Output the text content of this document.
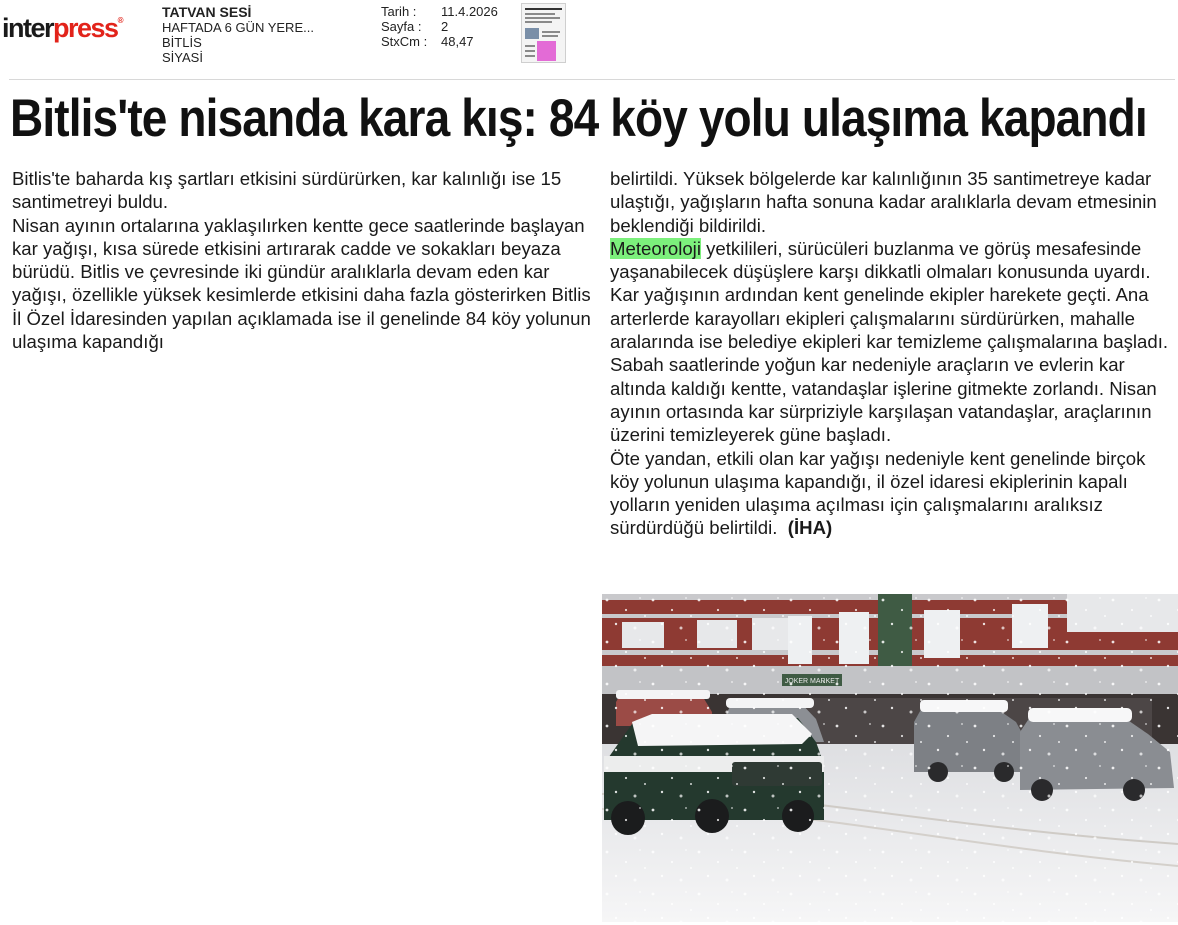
interpress®
TATVAN SESİ
HAFTADA 6 GÜN YERE...
BİTLİS
SİYASİ
Tarih :	11.4.2026
Sayfa :	2
StxCm :	48,47
Bitlis'te nisanda kara kış: 84 köy yolu ulaşıma kapandı

Bitlis'te baharda kış şartları etkisini sürdürürken, kar kalınlığı ise 15 santimetreyi buldu.

Nisan ayının ortalarına yaklaşılırken kentte gece saatlerinde başlayan kar yağışı, kısa sürede etkisini artırarak cadde ve sokakları beyaza bürüdü. Bitlis ve çevresinde iki gündür aralıklarla devam eden kar yağışı, özellikle yüksek kesimlerde etkisini daha fazla gösterirken Bitlis İl Özel İdaresinden yapılan açıklamada ise il genelinde 84 köy yolunun ulaşıma kapandığı

belirtildi. Yüksek bölgelerde kar kalınlığının 35 santimetreye kadar ulaştığı, yağışların hafta sonuna kadar aralıklarla devam etmesinin beklendiği bildirildi.

Meteoroloji yetkilileri, sürücüleri buzlanma ve görüş mesafesinde yaşanabilecek düşüşlere karşı dikkatli olmaları konusunda uyardı.

Kar yağışının ardından kent genelinde ekipler harekete geçti. Ana arterlerde karayolları ekipleri çalışmalarını sürdürürken, mahalle aralarında ise belediye ekipleri kar temizleme çalışmalarına başladı.

Sabah saatlerinde yoğun kar nedeniyle araçların ve evlerin kar altında kaldığı kentte, vatandaşlar işlerine gitmekte zorlandı. Nisan ayının ortasında kar sürpriziyle karşılaşan vatandaşlar, araçlarının üzerini temizleyerek güne başladı.

Öte yandan, etkili olan kar yağışı nedeniyle kent genelinde birçok köy yolunun ulaşıma kapandığı, il özel idaresi ekiplerinin kapalı yolların yeniden ulaşıma açılması için çalışmalarını aralıksız sürdürdüğü belirtildi. (İHA)
